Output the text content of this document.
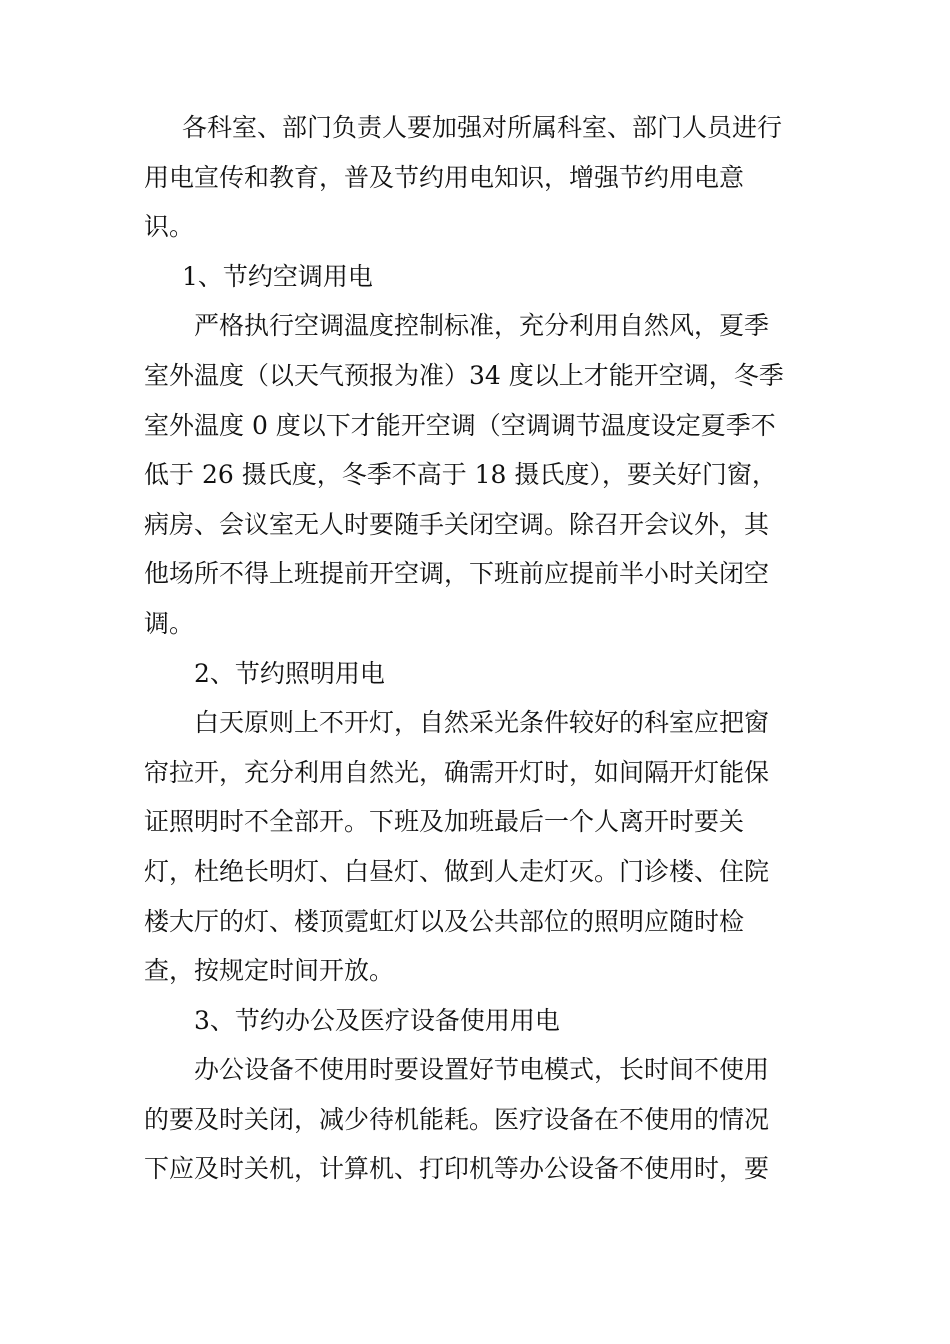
各科室、部门负责人要加强对所属科室、部门人员进行
用电宣传和教育，普及节约用电知识，增强节约用电意
识。
1、节约空调用电
严格执行空调温度控制标准，充分利用自然风，夏季
室外温度（以天气预报为准）34 度以上才能开空调，冬季
室外温度 0 度以下才能开空调（空调调节温度设定夏季不
低于 26 摄氏度，冬季不高于 18 摄氏度），要关好门窗，
病房、会议室无人时要随手关闭空调。除召开会议外，其
他场所不得上班提前开空调，下班前应提前半小时关闭空
调。
2、节约照明用电
白天原则上不开灯，自然采光条件较好的科室应把窗
帘拉开，充分利用自然光，确需开灯时，如间隔开灯能保
证照明时不全部开。下班及加班最后一个人离开时要关
灯，杜绝长明灯、白昼灯、做到人走灯灭。门诊楼、住院
楼大厅的灯、楼顶霓虹灯以及公共部位的照明应随时检
查，按规定时间开放。
3、节约办公及医疗设备使用用电
办公设备不使用时要设置好节电模式，长时间不使用
的要及时关闭，减少待机能耗。医疗设备在不使用的情况
下应及时关机，计算机、打印机等办公设备不使用时，要
